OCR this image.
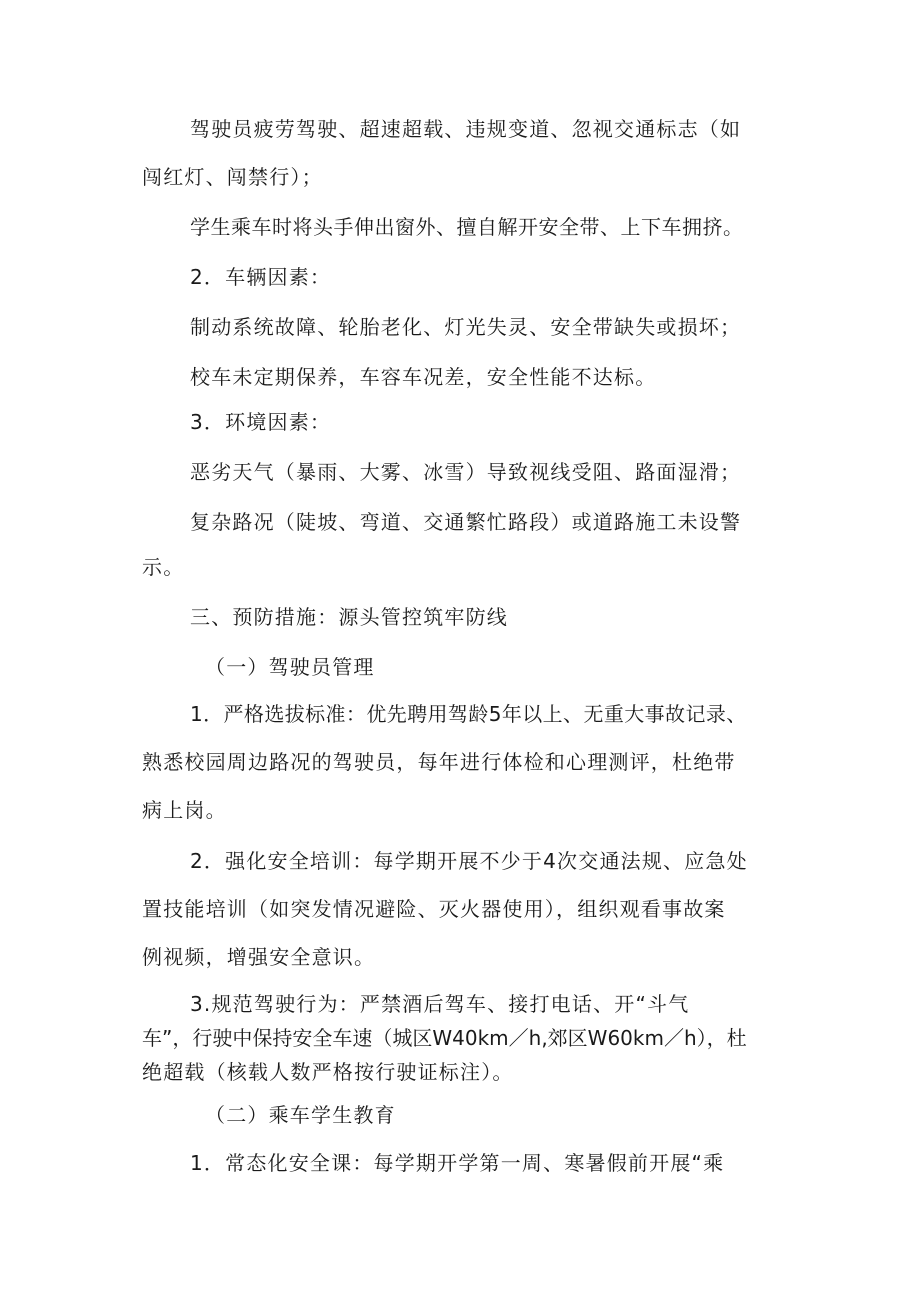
驾驶员疲劳驾驶、超速超载、违规变道、忽视交通标志（如
闯红灯、闯禁行）；
学生乘车时将头手伸出窗外、擅自解开安全带、上下车拥挤。
2．车辆因素：
制动系统故障、轮胎老化、灯光失灵、安全带缺失或损坏；
校车未定期保养，车容车况差，安全性能不达标。
3．环境因素：
恶劣天气（暴雨、大雾、冰雪）导致视线受阻、路面湿滑；
复杂路况（陡坡、弯道、交通繁忙路段）或道路施工未设警
示。
三、预防措施：源头管控筑牢防线
（一）驾驶员管理
1．严格选拔标准：优先聘用驾龄5年以上、无重大事故记录、
熟悉校园周边路况的驾驶员，每年进行体检和心理测评，杜绝带
病上岗。
2．强化安全培训：每学期开展不少于4次交通法规、应急处
置技能培训（如突发情况避险、灭火器使用），组织观看事故案
例视频，增强安全意识。
3.规范驾驶行为：严禁酒后驾车、接打电话、开“斗气
车”，行驶中保持安全车速（城区W40km／h,郊区W60km／h），杜
绝超载（核载人数严格按行驶证标注）。
（二）乘车学生教育
1．常态化安全课：每学期开学第一周、寒暑假前开展“乘
